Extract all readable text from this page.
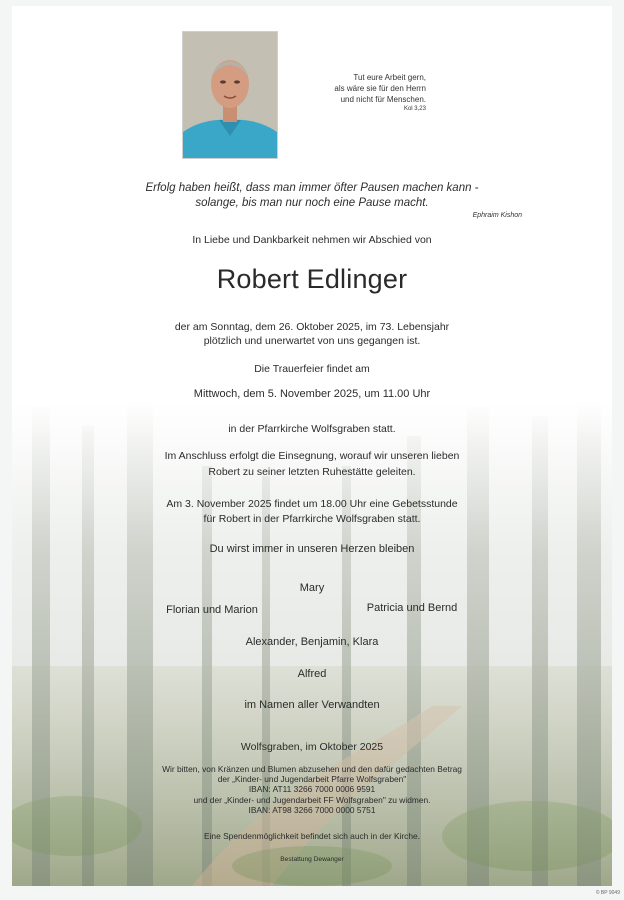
Tut eure Arbeit gern,
als wäre sie für den Herrn
und nicht für Menschen.
Kol 3,23
Erfolg haben heißt, dass man immer öfter Pausen machen kann -
solange, bis man nur noch eine Pause macht.
Ephraim Kishon
In Liebe und Dankbarkeit nehmen wir Abschied von
Robert Edlinger
der am Sonntag, dem 26. Oktober 2025, im 73. Lebensjahr
plötzlich und unerwartet von uns gegangen ist.
Die Trauerfeier findet am
Mittwoch, dem 5. November 2025, um 11.00 Uhr
in der Pfarrkirche Wolfsgraben statt.
Im Anschluss erfolgt die Einsegnung, worauf wir unseren lieben
Robert zu seiner letzten Ruhestätte geleiten.
Am 3. November 2025 findet um 18.00 Uhr eine Gebetsstunde
für Robert in der Pfarrkirche Wolfsgraben statt.
Du wirst immer in unseren Herzen bleiben
Mary
Florian und Marion	Patricia und Bernd
Alexander, Benjamin, Klara
Alfred
im Namen aller Verwandten
Wolfsgraben, im Oktober 2025
Wir bitten, von Kränzen und Blumen abzusehen und den dafür gedachten Betrag
der „Kinder- und Jugendarbeit Pfarre Wolfsgraben"
IBAN: AT11 3266 7000 0006 9591
und der „Kinder- und Jugendarbeit FF Wolfsgraben" zu widmen.
IBAN: AT98 3266 7000 0000 5751
Eine Spendenmöglichkeit befindet sich auch in der Kirche.
Bestattung Dewanger
© BP 9049
